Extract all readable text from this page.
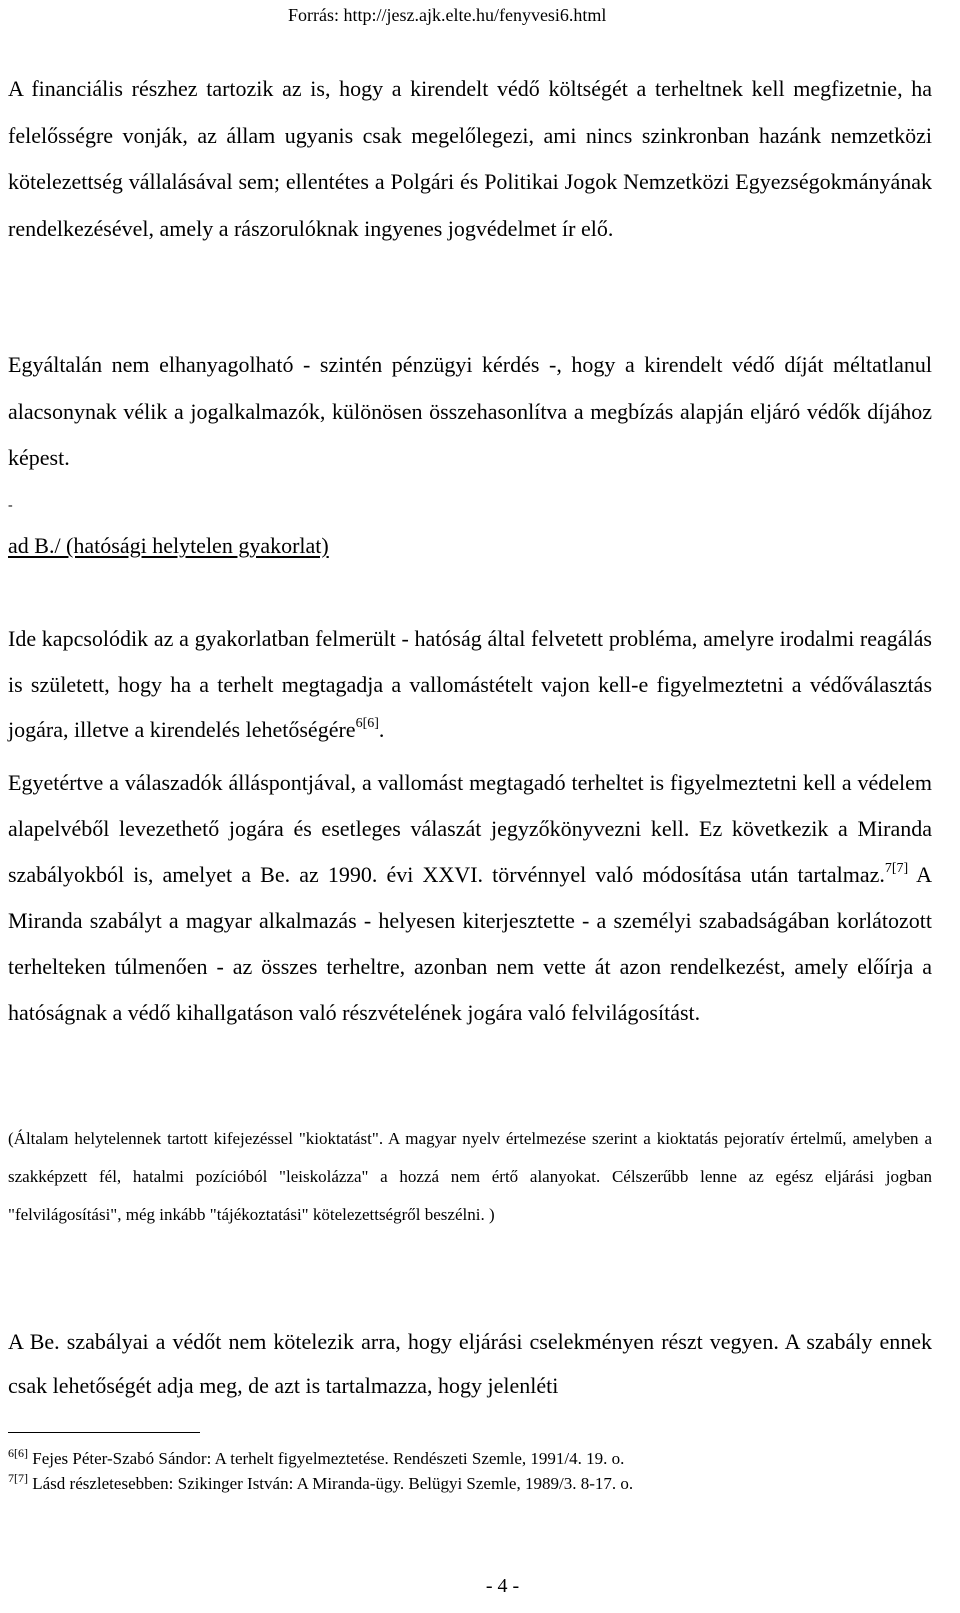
Forrás: http://jesz.ajk.elte.hu/fenyvesi6.html

A financiális részhez tartozik az is, hogy a kirendelt védő költségét a terheltnek kell megfizetnie, ha felelősségre vonják, az állam ugyanis csak megelőlegezi, ami nincs szinkronban hazánk nemzetközi kötelezettség vállalásával sem; ellentétes a Polgári és Politikai Jogok Nemzetközi Egyezségokmányának rendelkezésével, amely a rászorulóknak ingyenes jogvédelmet ír elő.

Egyáltalán nem elhanyagolható - szintén pénzügyi kérdés -, hogy a kirendelt védő díját méltatlanul alacsonynak vélik a jogalkalmazók, különösen összehasonlítva a megbízás alapján eljáró védők díjához képest.

-
ad B./ (hatósági helytelen gyakorlat)

Ide kapcsolódik az a gyakorlatban felmerült - hatóság által felvetett probléma, amelyre irodalmi reagálás is született, hogy ha a terhelt megtagadja a vallomástételt vajon kell-e figyelmeztetni a védőválasztás jogára, illetve a kirendelés lehetőségére$^{6[6]}$.

Egyetértve a válaszadók álláspontjával, a vallomást megtagadó terheltet is figyelmeztetni kell a védelem alapelvéből levezethető jogára és esetleges válaszát jegyzőkönyvezni kell. Ez következik a Miranda szabályokból is, amelyet a Be. az 1990. évi XXVI. törvénnyel való módosítása után tartalmaz.$^{7[7]}$ A Miranda szabályt a magyar alkalmazás - helyesen kiterjesztette - a személyi szabadságában korlátozott terhelteken túlmenően - az összes terheltre, azonban nem vette át azon rendelkezést, amely előírja a hatóságnak a védő kihallgatáson való részvételének jogára való felvilágosítást.

(Általam helytelennek tartott kifejezéssel "kioktatást". A magyar nyelv értelmezése szerint a kioktatás pejoratív értelmű, amelyben a szakképzett fél, hatalmi pozícióból "leiskolázza" a hozzá nem értő alanyokat. Célszerűbb lenne az egész eljárási jogban "felvilágosítási", még inkább "tájékoztatási" kötelezettségről beszélni. )

A Be. szabályai a védőt nem kötelezik arra, hogy eljárási cselekményen részt vegyen. A szabály ennek csak lehetőségét adja meg, de azt is tartalmazza, hogy jelenléti

$^{6[6]}$ Fejes Péter-Szabó Sándor: A terhelt figyelmeztetése. Rendészeti Szemle, 1991/4. 19. o.
$^{7[7]}$ Lásd részletesebben: Szikinger István: A Miranda-ügy. Belügyi Szemle, 1989/3. 8-17. o.
- 4 -
